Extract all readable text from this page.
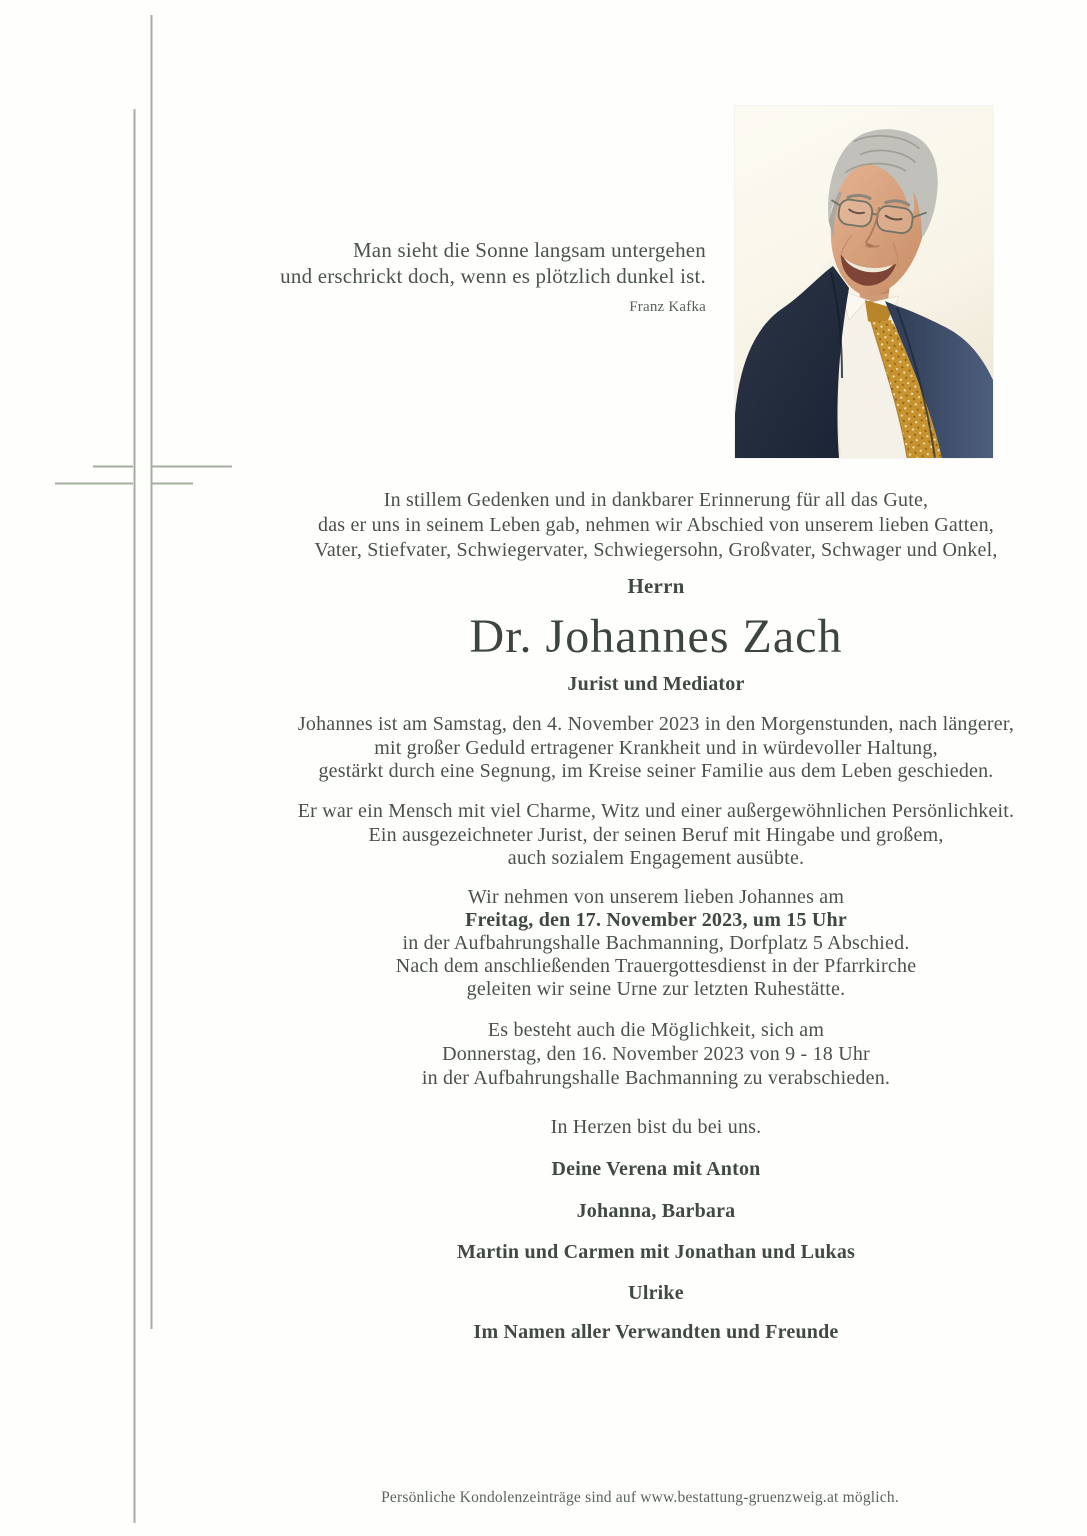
Man sieht die Sonne langsam untergehen
und erschrickt doch, wenn es plötzlich dunkel ist.
Franz Kafka
In stillem Gedenken und in dankbarer Erinnerung für all das Gute,
das er uns in seinem Leben gab, nehmen wir Abschied von unserem lieben Gatten,
Vater, Stiefvater, Schwiegervater, Schwiegersohn, Großvater, Schwager und Onkel,
Herrn
Dr. Johannes Zach
Jurist und Mediator
Johannes ist am Samstag, den 4. November 2023 in den Morgenstunden, nach längerer,
mit großer Geduld ertragener Krankheit und in würdevoller Haltung,
gestärkt durch eine Segnung, im Kreise seiner Familie aus dem Leben geschieden.
Er war ein Mensch mit viel Charme, Witz und einer außergewöhnlichen Persönlichkeit.
Ein ausgezeichneter Jurist, der seinen Beruf mit Hingabe und großem,
auch sozialem Engagement ausübte.
Wir nehmen von unserem lieben Johannes am
Freitag, den 17. November 2023, um 15 Uhr
in der Aufbahrungshalle Bachmanning, Dorfplatz 5 Abschied.
Nach dem anschließenden Trauergottesdienst in der Pfarrkirche
geleiten wir seine Urne zur letzten Ruhestätte.
Es besteht auch die Möglichkeit, sich am
Donnerstag, den 16. November 2023 von 9 - 18 Uhr
in der Aufbahrungshalle Bachmanning zu verabschieden.
In Herzen bist du bei uns.
Deine Verena mit Anton
Johanna, Barbara
Martin und Carmen mit Jonathan und Lukas
Ulrike
Im Namen aller Verwandten und Freunde
Persönliche Kondolenzeinträge sind auf www.bestattung-gruenzweig.at möglich.
